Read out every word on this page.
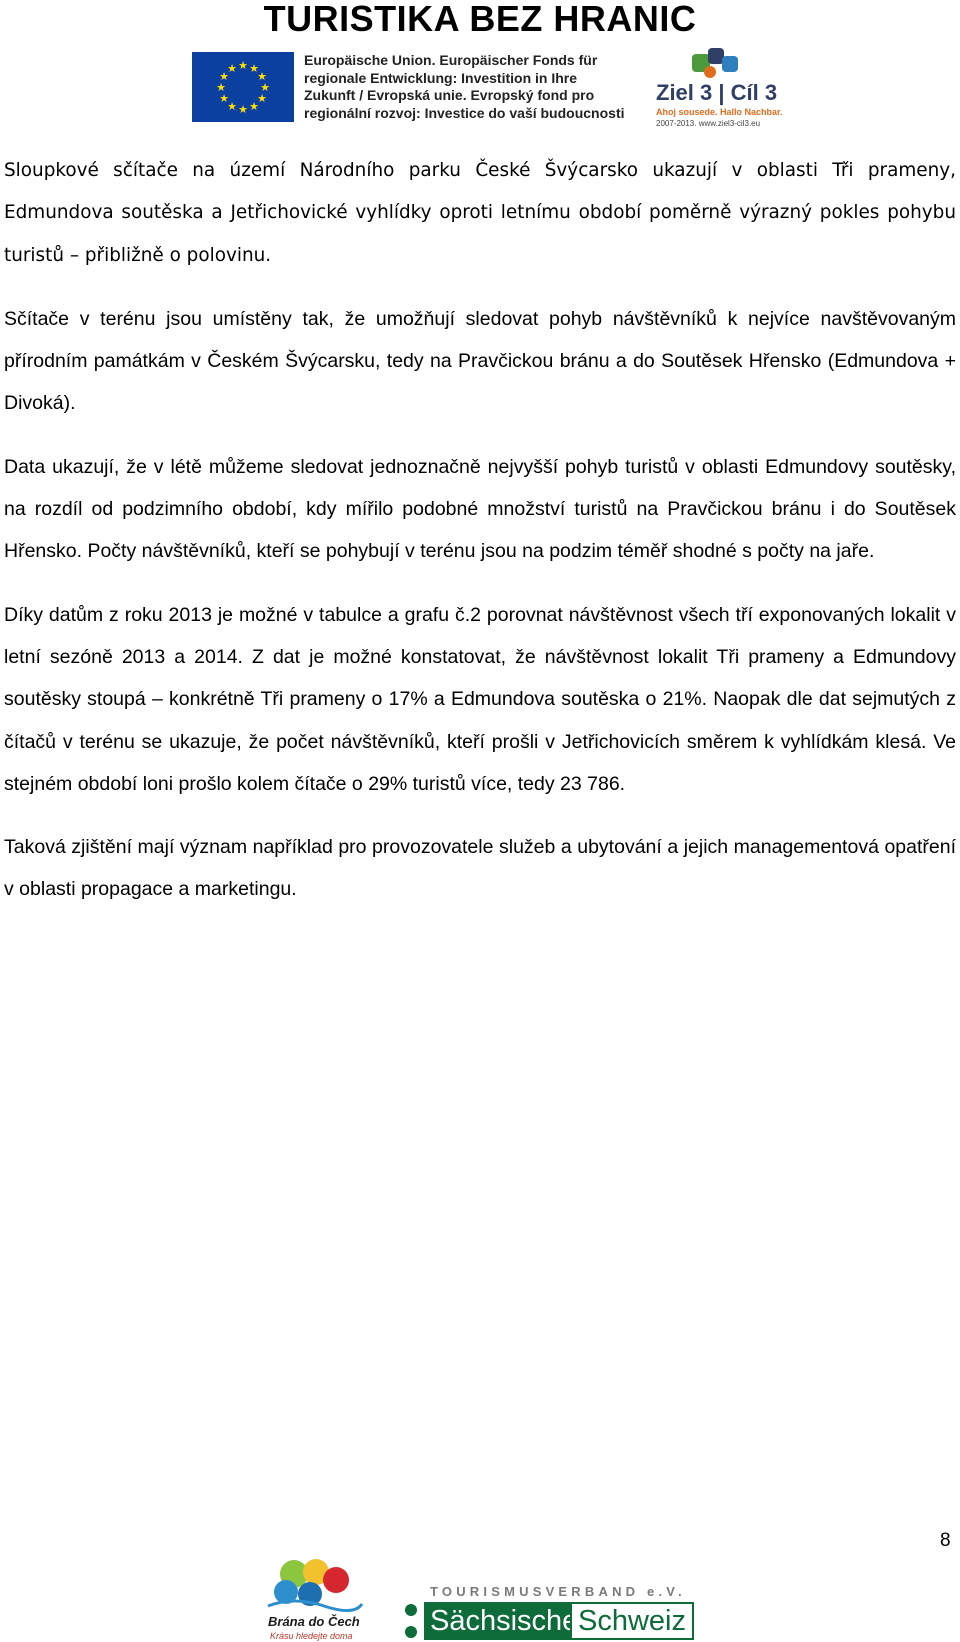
TURISTIKA BEZ HRANIC
★ ★
★
★
★
★
★
★
★
★
★
★
Europäische Union. Europäischer Fonds für
regionale Entwicklung: Investition in Ihre
Zukunft / Evropská unie. Evropský fond pro
regionální rozvoj: Investice do vaší budoucnosti
Ziel 3 | Cíl 3
Ahoj sousede. Hallo Nachbar.
2007-2013. www.ziel3-cil3.eu

Sloupkové sčítače na území Národního parku České Švýcarsko ukazují v oblasti Tři prameny, Edmundova soutěska a Jetřichovické vyhlídky oproti letnímu období poměrně výrazný pokles pohybu turistů – přibližně o polovinu.

Sčítače v terénu jsou umístěny tak, že umožňují sledovat pohyb návštěvníků k nejvíce navštěvovaným přírodním památkám v Českém Švýcarsku, tedy na Pravčickou bránu a do Soutěsek Hřensko (Edmundova + Divoká).

Data ukazují, že v létě můžeme sledovat jednoznačně nejvyšší pohyb turistů v oblasti Edmundovy soutěsky, na rozdíl od podzimního období, kdy mířilo podobné množství turistů na Pravčickou bránu i do Soutěsek Hřensko. Počty návštěvníků, kteří se pohybují v terénu jsou na podzim téměř shodné s počty na jaře.

Díky datům z roku 2013 je možné v tabulce a grafu č.2 porovnat návštěvnost všech tří exponovaných lokalit v letní sezóně 2013 a 2014. Z dat je možné konstatovat, že návštěvnost lokalit Tři prameny a Edmundovy soutěsky stoupá – konkrétně Tři prameny o 17% a Edmundova soutěska o 21%. Naopak dle dat sejmutých z čítačů v terénu se ukazuje, že počet návštěvníků, kteří prošli v Jetřichovicích směrem k vyhlídkám klesá. Ve stejném období loni prošlo kolem čítače o 29% turistů více, tedy 23 786.

Taková zjištění mají význam například pro provozovatele služeb a ubytování a jejich managementová opatření v oblasti propagace a marketingu.

8
Brána do Čech
Krásu hledejte doma
TOURISMUSVERBAND e.V.
Sächsische Schweiz
